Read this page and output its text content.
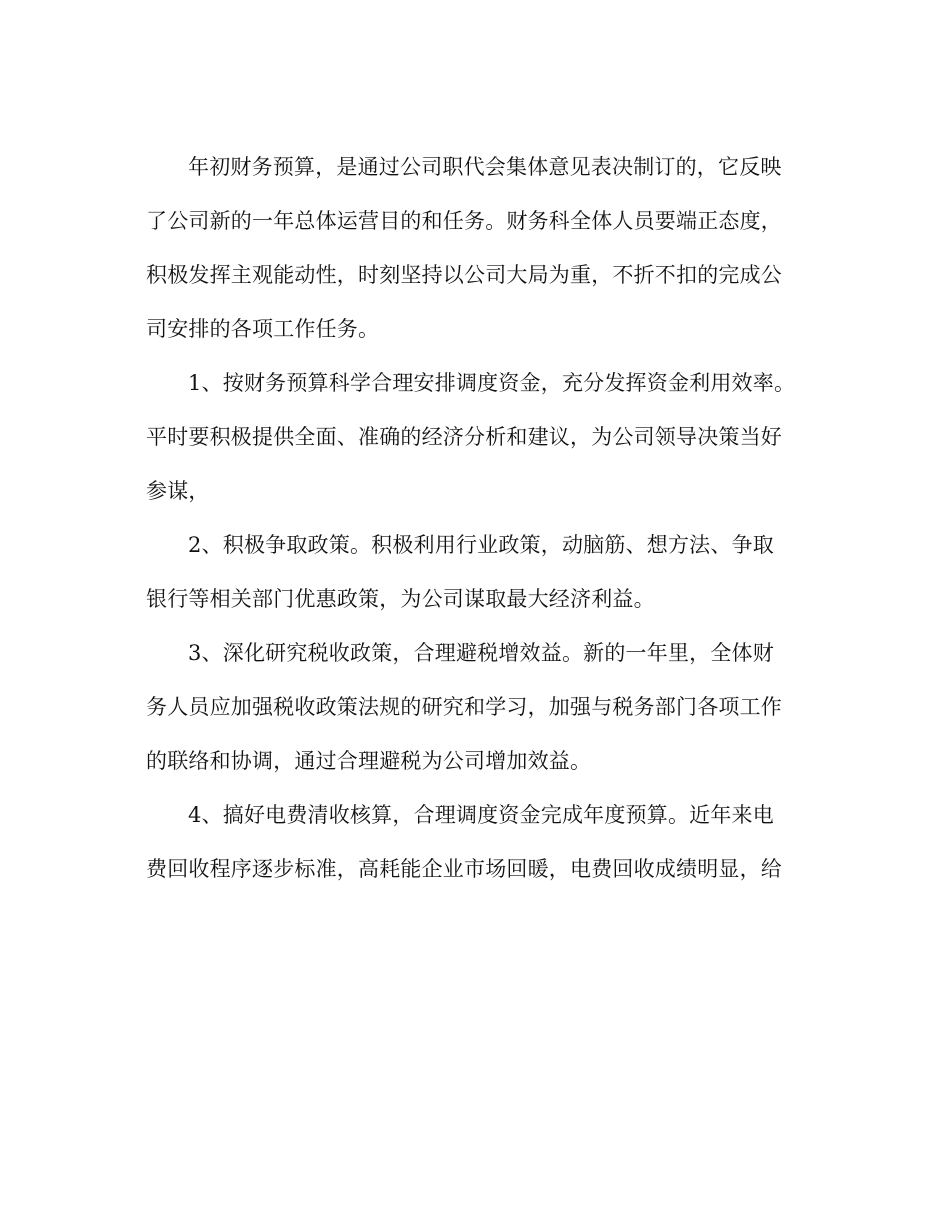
年初财务预算，是通过公司职代会集体意见表决制订的，它反映
了公司新的一年总体运营目的和任务。财务科全体人员要端正态度，
积极发挥主观能动性，时刻坚持以公司大局为重，不折不扣的完成公
司安排的各项工作任务。
1、按财务预算科学合理安排调度资金，充分发挥资金利用效率。
平时要积极提供全面、准确的经济分析和建议，为公司领导决策当好
参谋，
2、积极争取政策。积极利用行业政策，动脑筋、想方法、争取
银行等相关部门优惠政策，为公司谋取最大经济利益。
3、深化研究税收政策，合理避税增效益。新的一年里，全体财
务人员应加强税收政策法规的研究和学习，加强与税务部门各项工作
的联络和协调，通过合理避税为公司增加效益。
4、搞好电费清收核算，合理调度资金完成年度预算。近年来电
费回收程序逐步标准，高耗能企业市场回暖，电费回收成绩明显，给
